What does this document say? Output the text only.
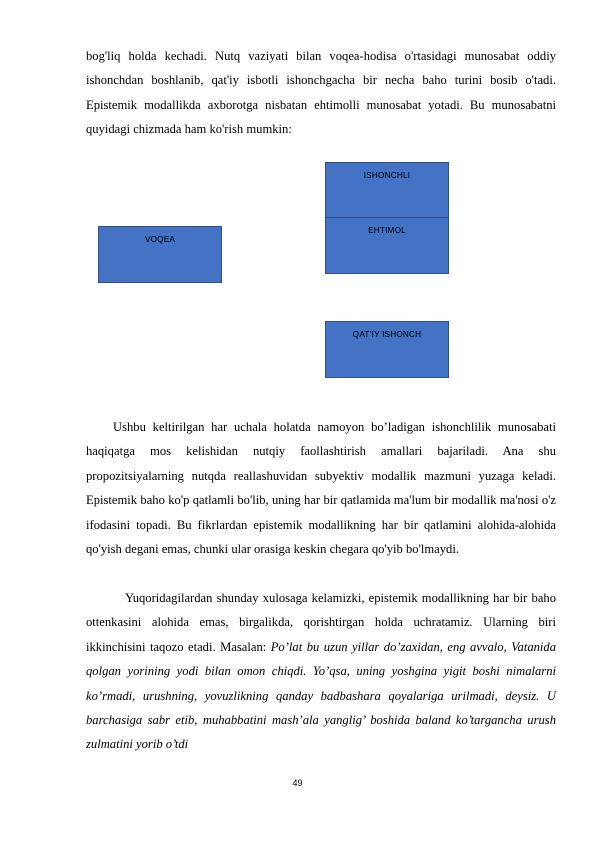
bog'liq holda kechadi. Nutq vaziyati bilan voqea-hodisa o'rtasidagi munosabat oddiy ishonchdan boshlanib, qat'iy isbotli ishonchgacha bir necha baho turini bosib o'tadi. Epistemik modallikda axborotga nisbatan ehtimolli munosabat yotadi. Bu munosabatni quyidagi chizmada ham ko'rish mumkin:

VOQEA
ISHONCHLI
EHTIMOL
QAT’IY ISHONCH

Ushbu keltirilgan har uchala holatda namoyon bo’ladigan ishonchlilik munosabati haqiqatga mos kelishidan nutqiy faollashtirish amallari bajariladi. Ana shu propozitsiyalarning nutqda reallashuvidan subyektiv modallik mazmuni yuzaga keladi. Epistemik baho ko'p qatlamli bo'lib, uning har bir qatlamida ma'lum bir modallik ma'nosi o'z ifodasini topadi. Bu fikrlardan epistemik modallikning har bir qatlamini alohida-alohida qo'yish degani emas, chunki ular orasiga keskin chegara qo'yib bo'lmaydi.

Yuqoridagilardan shunday xulosaga kelamizki, epistemik modallikning har bir baho ottenkasini alohida emas, birgalikda, qorishtirgan holda uchratamiz. Ularning biri ikkinchisini taqozo etadi. Masalan: Po’lat bu uzun yillar do’zaxidan, eng avvalo, Vatanida qolgan yorining yodi bilan omon chiqdi. Yo’qsa, uning yoshgina yigit boshi nimalarni ko’rmadi, urushning, yovuzlikning qanday badbashara qoyalariga urilmadi, deysiz. U barchasiga sabr etib, muhabbatini mash’ala yanglig’ boshida baland ko’targancha urush zulmatini yorib o’tdi

49
